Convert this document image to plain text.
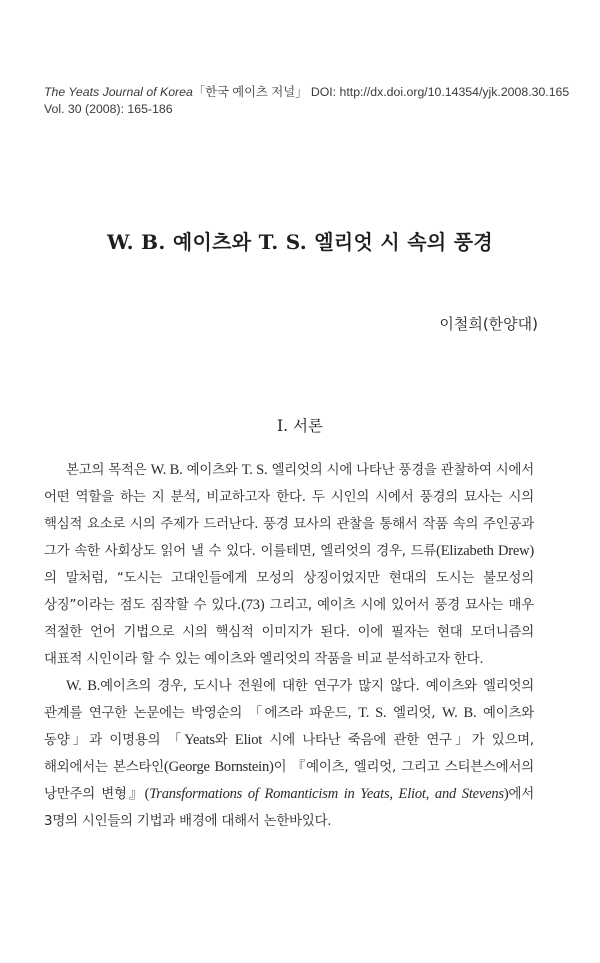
The Yeats Journal of Korea「한국 예이츠 저널」 DOI: http://dx.doi.org/10.14354/yjk.2008.30.165
Vol. 30 (2008): 165-186
W. B. 예이츠와 T. S. 엘리엇 시 속의 풍경
이철희(한양대)
I. 서론

본고의 목적은 W. B. 예이츠와 T. S. 엘리엇의 시에 나타난 풍경을 관찰하여 시에서 어떤 역할을 하는 지 분석, 비교하고자 한다. 두 시인의 시에서 풍경의 묘사는 시의 핵심적 요소로 시의 주제가 드러난다. 풍경 묘사의 관찰을 통해서 작품 속의 주인공과 그가 속한 사회상도 읽어 낼 수 있다. 이를테면, 엘리엇의 경우, 드류(Elizabeth Drew)의 말처럼, “도시는 고대인들에게 모성의 상징이었지만 현대의 도시는 불모성의 상징”이라는 점도 짐작할 수 있다.(73) 그리고, 예이츠 시에 있어서 풍경 묘사는 매우 적절한 언어 기법으로 시의 핵심적 이미지가 된다. 이에 필자는 현대 모더니즘의 대표적 시인이라 할 수 있는 예이츠와 엘리엇의 작품을 비교 분석하고자 한다.

W. B.예이츠의 경우, 도시나 전원에 대한 연구가 많지 않다. 예이츠와 엘리엇의 관계를 연구한 논문에는 박영순의 「에즈라 파운드, T. S. 엘리엇, W. B. 예이츠와 동양」과 이명용의 「Yeats와 Eliot 시에 나타난 죽음에 관한 연구」가 있으며, 해외에서는 본스타인(George Bornstein)이 『예이츠, 엘리엇, 그리고 스티븐스에서의 낭만주의 변형』(Transformations of Romanticism in Yeats, Eliot, and Stevens)에서 3명의 시인들의 기법과 배경에 대해서 논한바있다.
